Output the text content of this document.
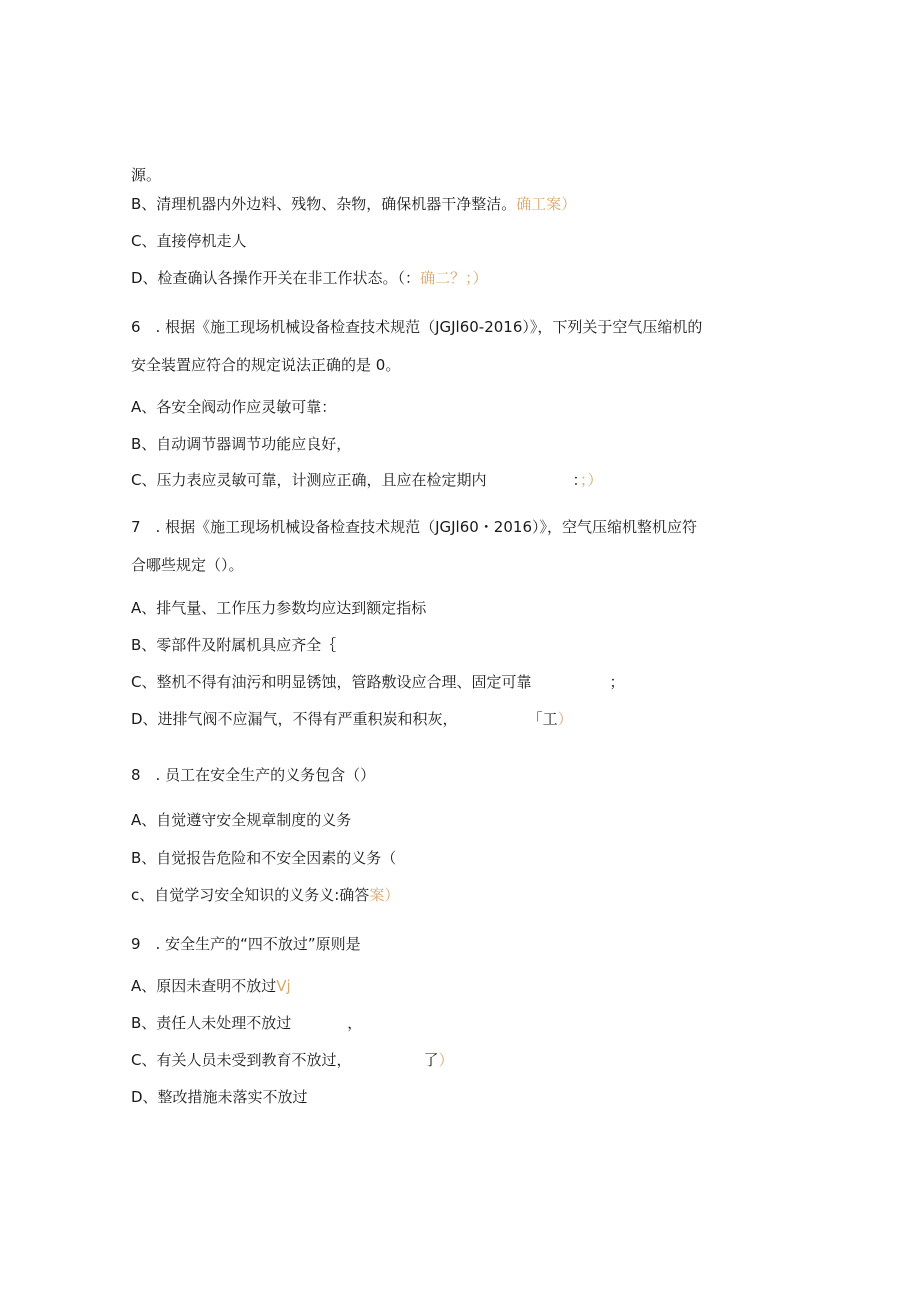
源。
B、清理机器内外边料、残物、杂物，确保机器干净整洁。确工案）
C、直接停机走人
D、检查确认各操作开关在非工作状态。（：确二？；）
6　. 根据《施工现场机械设备检查技术规范（JGJl60-2016）》，下列关于空气压缩机的
安全装置应符合的规定说法正确的是 0。
A、各安全阀动作应灵敏可靠：
B、自动调节器调节功能应良好，
C、压力表应灵敏可靠，计测应正确，且应在检定期内	：；）
7　. 根据《施工现场机械设备检查技术规范（JGJl60・2016）》，空气压缩机整机应符
合哪些规定（）。
A、排气量、工作压力参数均应达到额定指标
B、零部件及附属机具应齐全｛
C、整机不得有油污和明显锈蚀，管路敷设应合理、固定可靠	；
D、进排气阀不应漏气，不得有严重积炭和积灰，	「工）
8　. 员工在安全生产的义务包含（）
A、自觉遵守安全规章制度的义务
B、自觉报告危险和不安全因素的义务（
c、自觉学习安全知识的义务义:确答案）
9　. 安全生产的“四不放过”原则是
A、原因未查明不放过Vj
B、责任人未处理不放过	，
C、有关人员未受到教育不放过，	了）
D、整改措施未落实不放过
